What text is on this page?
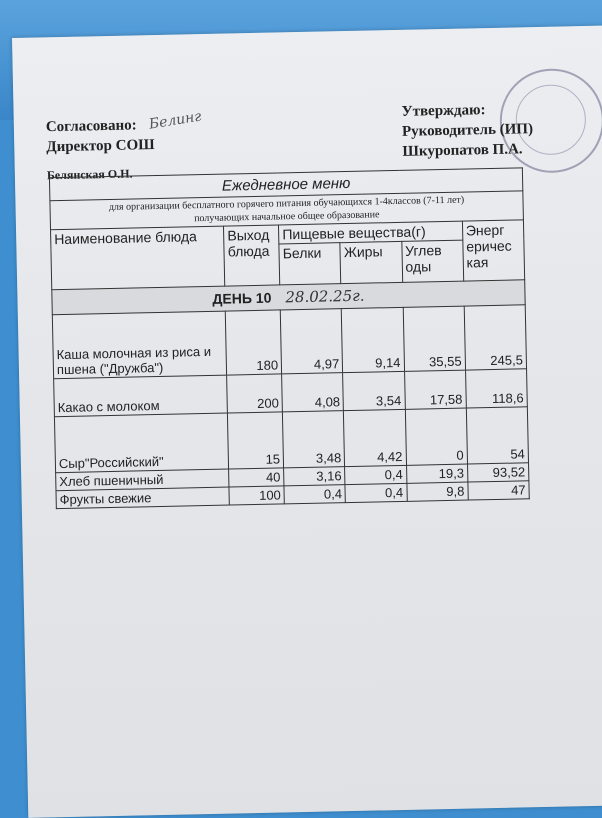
Согласовано:
Директор СОШ
Белянская О.Н.
Белинг	Утверждаю:
Руководитель (ИП)
Шкуропатов П.А.
Ежедневное меню					

для организации бесплатного горячего питания обучающихся 1-4классов (7-11 лет)
получающих начальное общее образование					

Наименование блюда	Выход блюда	Пищевые вещества(г)			Энерг еричес кая
		Белки	Жиры	Углев оды	
ДЕНЬ 10 28.02.25г.					
Каша молочная из риса и пшена ("Дружба")	180	4,97	9,14	35,55	245,5
Какао с молоком	200	4,08	3,54	17,58	118,6
Сыр"Российский"	15	3,48	4,42	0	54
Хлеб пшеничный	40	3,16	0,4	19,3	93,52
Фрукты свежие	100	0,4	0,4	9,8	47
